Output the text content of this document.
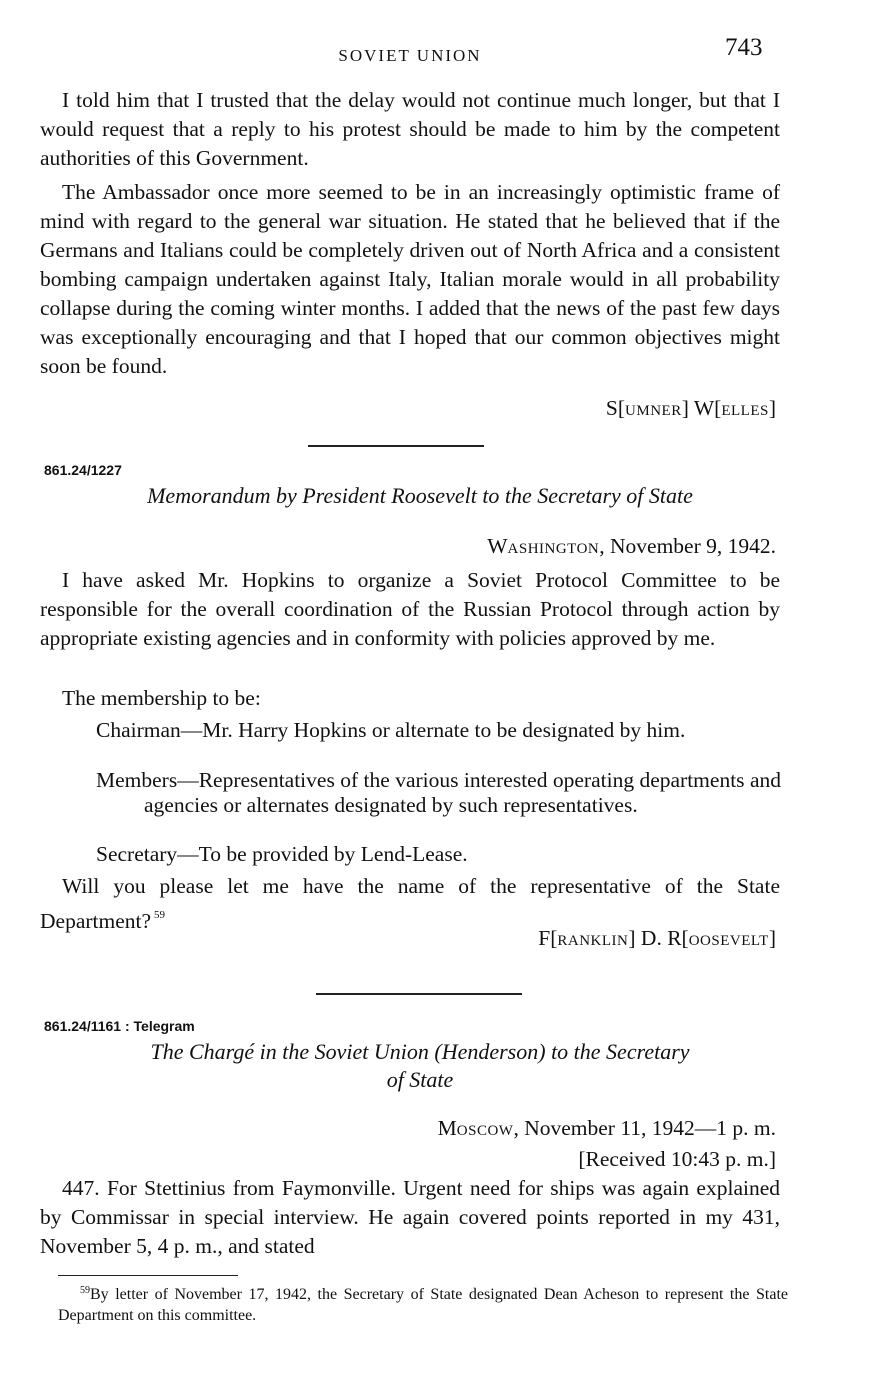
SOVIET UNION	743
I told him that I trusted that the delay would not continue much longer, but that I would request that a reply to his protest should be made to him by the competent authorities of this Government.
The Ambassador once more seemed to be in an increasingly optimistic frame of mind with regard to the general war situation. He stated that he believed that if the Germans and Italians could be completely driven out of North Africa and a consistent bombing campaign undertaken against Italy, Italian morale would in all probability collapse during the coming winter months. I added that the news of the past few days was exceptionally encouraging and that I hoped that our common objectives might soon be found.
S[UMNER] W[ELLES]
861.24/1227
Memorandum by President Roosevelt to the Secretary of State
WASHINGTON, November 9, 1942.
I have asked Mr. Hopkins to organize a Soviet Protocol Committee to be responsible for the overall coordination of the Russian Protocol through action by appropriate existing agencies and in conformity with policies approved by me.
The membership to be:
Chairman—Mr. Harry Hopkins or alternate to be designated by him.
Members—Representatives of the various interested operating departments and agencies or alternates designated by such representatives.
Secretary—To be provided by Lend-Lease.
Will you please let me have the name of the representative of the State Department? $^{59}$
F[RANKLIN] D. R[OOSEVELT]
861.24/1161 : Telegram
The Chargé in the Soviet Union (Henderson) to the Secretary
of State
MOSCOW, November 11, 1942—1 p. m.
[Received 10:43 p. m.]
447. For Stettinius from Faymonville. Urgent need for ships was again explained by Commissar in special interview. He again covered points reported in my 431, November 5, 4 p. m., and stated
$^{59}$By letter of November 17, 1942, the Secretary of State designated Dean Acheson to represent the State Department on this committee.
